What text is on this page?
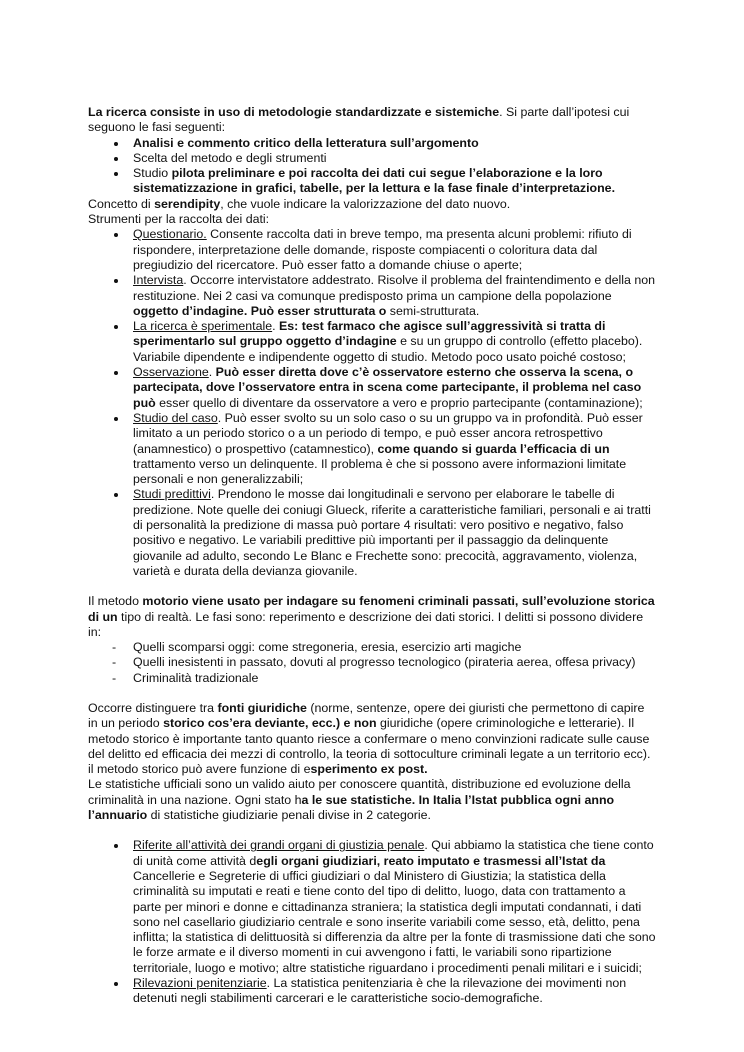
La ricerca consiste in uso di metodologie standardizzate e sistemiche. Si parte dall’ipotesi cui seguono le fasi seguenti:

Analisi e commento critico della letteratura sull’argomento
Scelta del metodo e degli strumenti
Studio pilota preliminare e poi raccolta dei dati cui segue l’elaborazione e la loro sistematizzazione in grafici, tabelle, per la lettura e la fase finale d’interpretazione.

Concetto di serendipity, che vuole indicare la valorizzazione del dato nuovo.

Strumenti per la raccolta dei dati:

Questionario. Consente raccolta dati in breve tempo, ma presenta alcuni problemi: rifiuto di rispondere, interpretazione delle domande, risposte compiacenti o coloritura data dal pregiudizio del ricercatore. Può esser fatto a domande chiuse o aperte;
Intervista. Occorre intervistatore addestrato. Risolve il problema del fraintendimento e della non restituzione. Nei 2 casi va comunque predisposto prima un campione della popolazione oggetto d’indagine. Può esser strutturata o semi-strutturata.
La ricerca è sperimentale. Es: test farmaco che agisce sull’aggressività si tratta di sperimentarlo sul gruppo oggetto d’indagine e su un gruppo di controllo (effetto placebo). Variabile dipendente e indipendente oggetto di studio. Metodo poco usato poiché costoso;
Osservazione. Può esser diretta dove c’è osservatore esterno che osserva la scena, o partecipata, dove l’osservatore entra in scena come partecipante, il problema nel caso può esser quello di diventare da osservatore a vero e proprio partecipante (contaminazione);
Studio del caso. Può esser svolto su un solo caso o su un gruppo va in profondità. Può esser limitato a un periodo storico o a un periodo di tempo, e può esser ancora retrospettivo (anamnestico) o prospettivo (catamnestico), come quando si guarda l’efficacia di un trattamento verso un delinquente. Il problema è che si possono avere informazioni limitate personali e non generalizzabili;
Studi predittivi. Prendono le mosse dai longitudinali e servono per elaborare le tabelle di predizione. Note quelle dei coniugi Glueck, riferite a caratteristiche familiari, personali e ai tratti di personalità la predizione di massa può portare 4 risultati: vero positivo e negativo, falso positivo e negativo. Le variabili predittive più importanti per il passaggio da delinquente giovanile ad adulto, secondo Le Blanc e Frechette sono: precocità, aggravamento, violenza, varietà e durata della devianza giovanile.

Il metodo motorio viene usato per indagare su fenomeni criminali passati, sull’evoluzione storica di un tipo di realtà. Le fasi sono: reperimento e descrizione dei dati storici. I delitti si possono dividere in:

- Quelli scomparsi oggi: come stregoneria, eresia, esercizio arti magiche
- Quelli inesistenti in passato, dovuti al progresso tecnologico (pirateria aerea, offesa privacy)
- Criminalità tradizionale

Occorre distinguere tra fonti giuridiche (norme, sentenze, opere dei giuristi che permettono di capire in un periodo storico cos’era deviante, ecc.) e non giuridiche (opere criminologiche e letterarie). Il metodo storico è importante tanto quanto riesce a confermare o meno convinzioni radicate sulle cause del delitto ed efficacia dei mezzi di controllo, la teoria di sottoculture criminali legate a un territorio ecc). il metodo storico può avere funzione di esperimento ex post.

Le statistiche ufficiali sono un valido aiuto per conoscere quantità, distribuzione ed evoluzione della criminalità in una nazione. Ogni stato ha le sue statistiche. In Italia l’Istat pubblica ogni anno l’annuario di statistiche giudiziarie penali divise in 2 categorie.

Riferite all’attività dei grandi organi di giustizia penale. Qui abbiamo la statistica che tiene conto di unità come attività degli organi giudiziari, reato imputato e trasmessi all’Istat da Cancellerie e Segreterie di uffici giudiziari o dal Ministero di Giustizia; la statistica della criminalità su imputati e reati e tiene conto del tipo di delitto, luogo, data con trattamento a parte per minori e donne e cittadinanza straniera; la statistica degli imputati condannati, i dati sono nel casellario giudiziario centrale e sono inserite variabili come sesso, età, delitto, pena inflitta; la statistica di delittuosità si differenzia da altre per la fonte di trasmissione dati che sono le forze armate e il diverso momenti in cui avvengono i fatti, le variabili sono ripartizione territoriale, luogo e motivo; altre statistiche riguardano i procedimenti penali militari e i suicidi;
Rilevazioni penitenziarie. La statistica penitenziaria è che la rilevazione dei movimenti non detenuti negli stabilimenti carcerari e le caratteristiche socio-demografiche.
